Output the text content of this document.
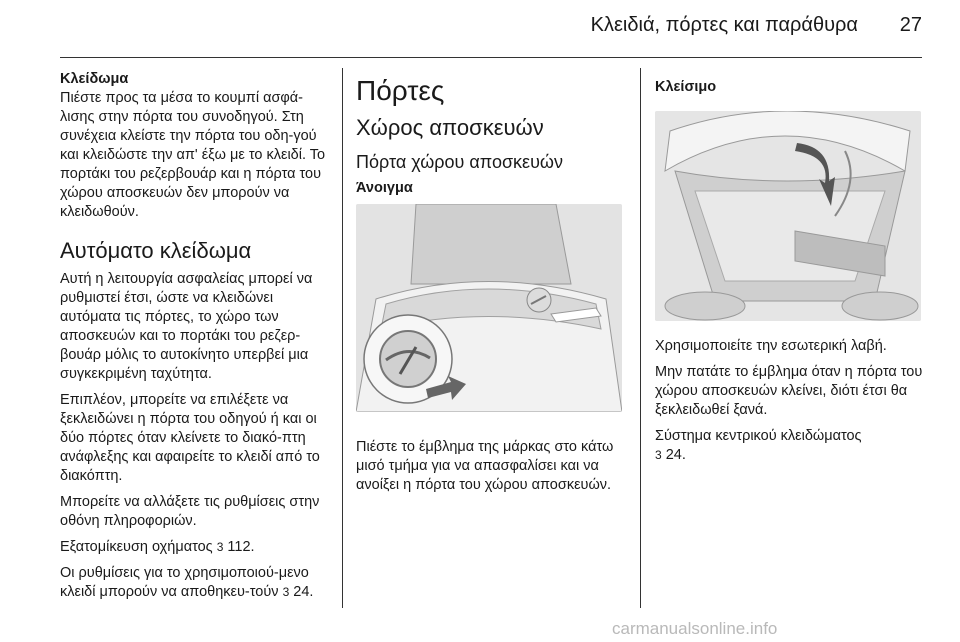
Κλειδιά, πόρτες και παράθυρα 27
Κλείδωμα

Πιέστε προς τα μέσα το κουμπί ασφά-λισης στην πόρτα του συνοδηγού. Στη συνέχεια κλείστε την πόρτα του οδη-γού και κλειδώστε την απ' έξω με το κλειδί. Το πορτάκι του ρεζερβουάρ και η πόρτα του χώρου αποσκευών δεν μπορούν να κλειδωθούν.

Αυτόματο κλείδωμα

Αυτή η λειτουργία ασφαλείας μπορεί να ρυθμιστεί έτσι, ώστε να κλειδώνει αυτόματα τις πόρτες, το χώρο των αποσκευών και το πορτάκι του ρεζερ-βουάρ μόλις το αυτοκίνητο υπερβεί μια συγκεκριμένη ταχύτητα.

Επιπλέον, μπορείτε να επιλέξετε να ξεκλειδώνει η πόρτα του οδηγού ή και οι δύο πόρτες όταν κλείνετε το διακό-πτη ανάφλεξης και αφαιρείτε το κλειδί από το διακόπτη.

Μπορείτε να αλλάξετε τις ρυθμίσεις στην οθόνη πληροφοριών.

Εξατομίκευση οχήματος 3 112.

Οι ρυθμίσεις για το χρησιμοποιού-μενο κλειδί μπορούν να αποθηκευ-τούν 3 24.

Πόρτες
Χώρος αποσκευών
Πόρτα χώρου αποσκευών
Άνοιγμα

Πιέστε το έμβλημα της μάρκας στο κάτω μισό τμήμα για να απασφαλίσει και να ανοίξει η πόρτα του χώρου αποσκευών.

Κλείσιμο

Χρησιμοποιείτε την εσωτερική λαβή.

Μην πατάτε το έμβλημα όταν η πόρτα του χώρου αποσκευών κλείνει, διότι έτσι θα ξεκλειδωθεί ξανά.

Σύστημα κεντρικού κλειδώματος

3 24.

carmanualsonline.info
